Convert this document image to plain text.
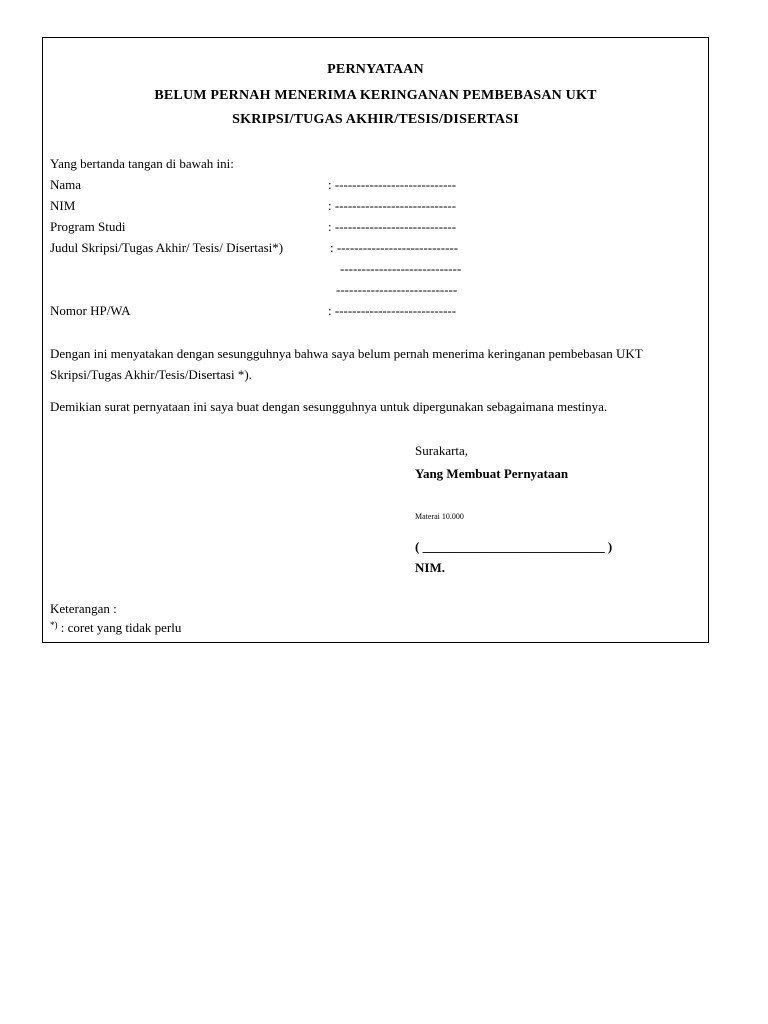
PERNYATAAN
BELUM PERNAH MENERIMA KERINGANAN PEMBEBASAN UKT
SKRIPSI/TUGAS AKHIR/TESIS/DISERTASI
Yang bertanda tangan di bawah ini:
Nama	: ----------------------------
NIM	: ----------------------------
Program Studi	: ----------------------------
Judul Skripsi/Tugas Akhir/ Tesis/ Disertasi*)	: ----------------------------
----------------------------
----------------------------
Nomor HP/WA	: ----------------------------
Dengan ini menyatakan dengan sesungguhnya bahwa saya belum pernah menerima keringanan pembebasan UKT Skripsi/Tugas Akhir/Tesis/Disertasi *).
Demikian surat pernyataan ini saya buat dengan sesungguhnya untuk dipergunakan sebagaimana mestinya.
Surakarta,
Yang Membuat Pernyataan
Materai 10.000
( ____________________________ )
NIM.
Keterangan :
*) : coret yang tidak perlu
